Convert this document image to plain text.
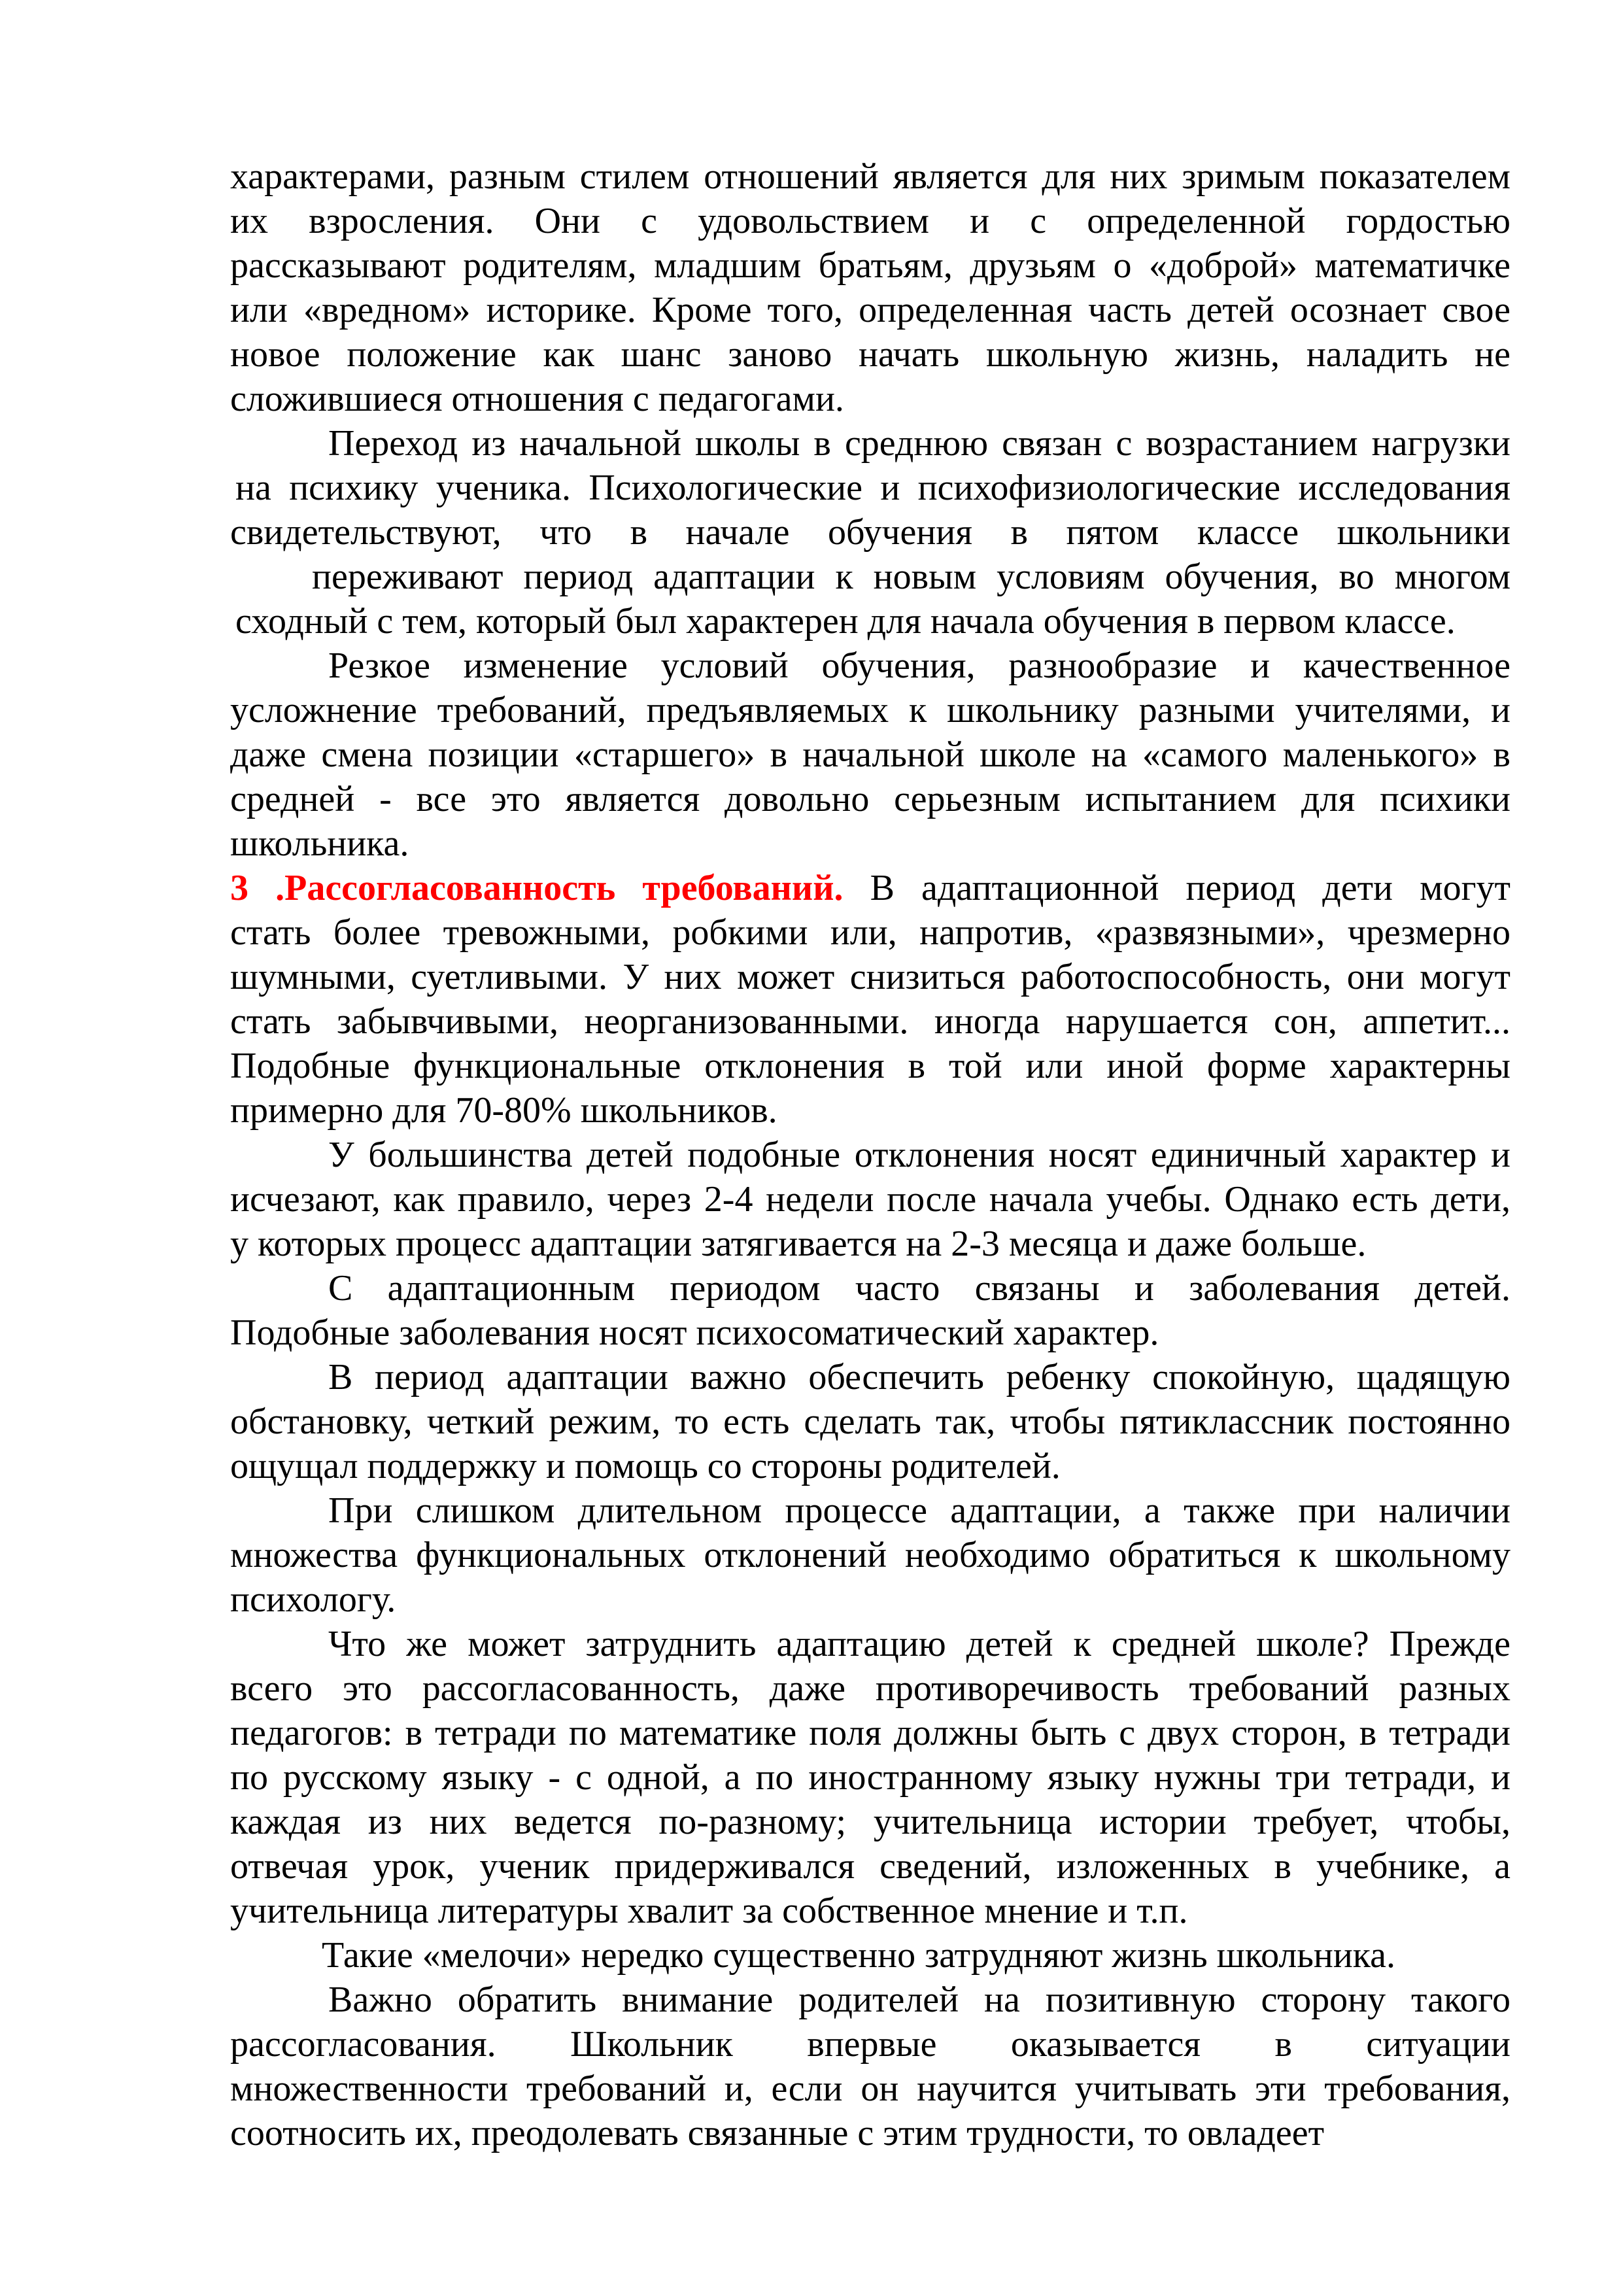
характерами, разным стилем отношений является для них зримым показателем
их взросления. Они с удовольствием и с определенной гордостью
рассказывают родителям, младшим братьям, друзьям о «доброй» математичке
или «вредном» историке. Кроме того, определенная часть детей осознает свое
новое положение как шанс заново начать школьную жизнь, наладить не
сложившиеся отношения с педагогами.
Переход из начальной школы в среднюю связан с возрастанием нагрузки
на психику ученика. Психологические и психофизиологические исследования
свидетельствуют, что в начале обучения в пятом классе школьники
переживают период адаптации к новым условиям обучения, во многом
сходный с тем, который был характерен для начала обучения в первом классе.
Резкое изменение условий обучения, разнообразие и качественное
усложнение требований, предъявляемых к школьнику разными учителями, и
даже смена позиции «старшего» в начальной школе на «самого маленького» в
средней - все это является довольно серьезным испытанием для психики
школьника.
3 .Рассогласованность требований. В адаптационной период дети могут
стать более тревожными, робкими или, напротив, «развязными», чрезмерно
шумными, суетливыми. У них может снизиться работоспособность, они могут
стать забывчивыми, неорганизованными. иногда нарушается сон, аппетит...
Подобные функциональные отклонения в той или иной форме характерны
примерно для 70-80% школьников.
У большинства детей подобные отклонения носят единичный характер и
исчезают, как правило, через 2-4 недели после начала учебы. Однако есть дети,
у которых процесс адаптации затягивается на 2-3 месяца и даже больше.
С адаптационным периодом часто связаны и заболевания детей.
Подобные заболевания носят психосоматический характер.
В период адаптации важно обеспечить ребенку спокойную, щадящую
обстановку, четкий режим, то есть сделать так, чтобы пятиклассник постоянно
ощущал поддержку и помощь со стороны родителей.
При слишком длительном процессе адаптации, а также при наличии
множества функциональных отклонений необходимо обратиться к школьному
психологу.
Что же может затруднить адаптацию детей к средней школе? Прежде
всего это рассогласованность, даже противоречивость требований разных
педагогов: в тетради по математике поля должны быть с двух сторон, в тетради
по русскому языку - с одной, а по иностранному языку нужны три тетради, и
каждая из них ведется по-разному; учительница истории требует, чтобы,
отвечая урок, ученик придерживался сведений, изложенных в учебнике, а
учительница литературы хвалит за собственное мнение и т.п.
Такие «мелочи» нередко существенно затрудняют жизнь школьника.
Важно обратить внимание родителей на позитивную сторону такого
рассогласования. Школьник впервые оказывается в ситуации
множественности требований и, если он научится учитывать эти требования,
соотносить их, преодолевать связанные с этим трудности, то овладеет
